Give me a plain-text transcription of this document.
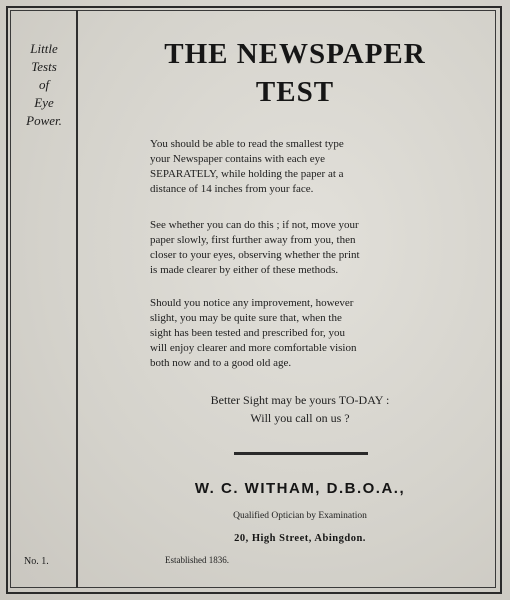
Little
Tests
of
Eye
Power.
No. 1.
THE NEWSPAPER
TEST
You should be able to read the smallest type
your Newspaper contains with each eye
SEPARATELY, while holding the paper at a
distance of 14 inches from your face.
See whether you can do this ; if not, move your
paper slowly, first further away from you, then
closer to your eyes, observing whether the print
is made clearer by either of these methods.
Should you notice any improvement, however
slight, you may be quite sure that, when the
sight has been tested and prescribed for, you
will enjoy clearer and more comfortable vision
both now and to a good old age.
Better Sight may be yours TO-DAY :
Will you call on us ?
W. C. WITHAM, D.B.O.A.,
Qualified Optician by Examination
20, High Street, Abingdon.
Established 1836.
